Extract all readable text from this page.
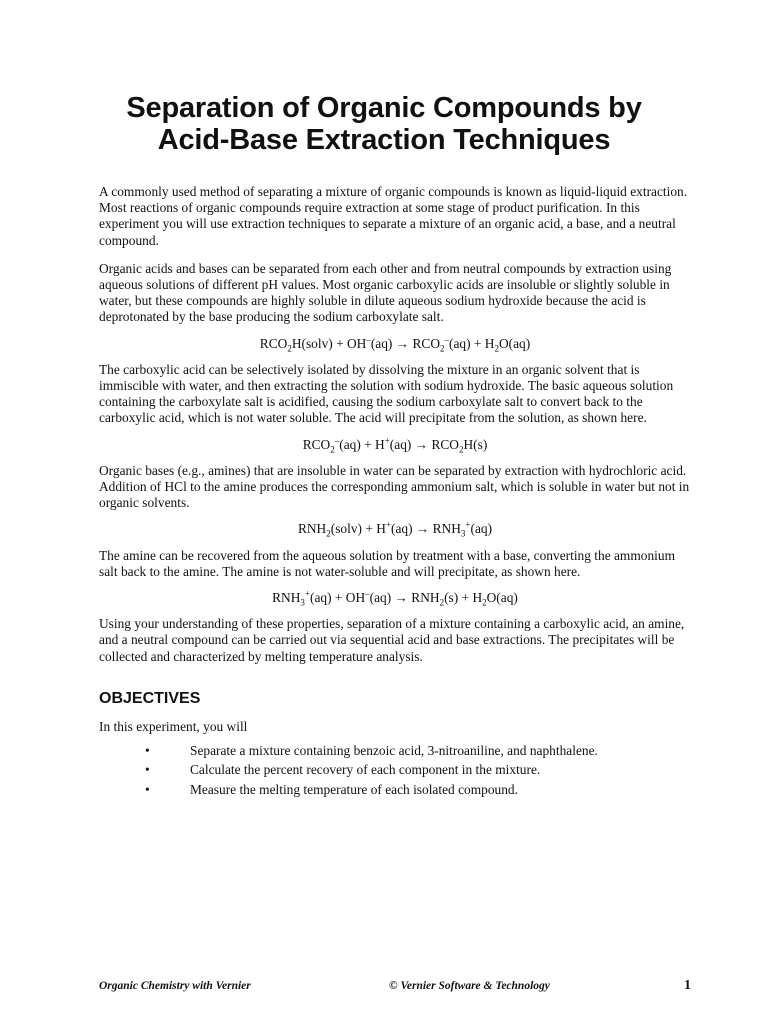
Separation of Organic Compounds by
Acid-Base Extraction Techniques

A commonly used method of separating a mixture of organic compounds is known as liquid-liquid extraction. Most reactions of organic compounds require extraction at some stage of product purification. In this experiment you will use extraction techniques to separate a mixture of an organic acid, a base, and a neutral compound.

Organic acids and bases can be separated from each other and from neutral compounds by extraction using aqueous solutions of different pH values. Most organic carboxylic acids are insoluble or slightly soluble in water, but these compounds are highly soluble in dilute aqueous sodium hydroxide because the acid is deprotonated by the base producing the sodium carboxylate salt.

$RCO_2H(solv) + OH^-(aq) \to RCO_2^-(aq) + H_2O(aq)$

The carboxylic acid can be selectively isolated by dissolving the mixture in an organic solvent that is immiscible with water, and then extracting the solution with sodium hydroxide. The basic aqueous solution containing the carboxylate salt is acidified, causing the sodium carboxylate salt to convert back to the carboxylic acid, which is not water soluble. The acid will precipitate from the solution, as shown here.

$RCO_2^-(aq) + H^+(aq) \to RCO_2H(s)$

Organic bases (e.g., amines) that are insoluble in water can be separated by extraction with hydrochloric acid. Addition of HCl to the amine produces the corresponding ammonium salt, which is soluble in water but not in organic solvents.

$RNH_2(solv) + H^+(aq) \to RNH_3^+(aq)$

The amine can be recovered from the aqueous solution by treatment with a base, converting the ammonium salt back to the amine. The amine is not water-soluble and will precipitate, as shown here.

$RNH_3^+(aq) + OH^-(aq) \to RNH_2(s) + H_2O(aq)$

Using your understanding of these properties, separation of a mixture containing a carboxylic acid, an amine, and a neutral compound can be carried out via sequential acid and base extractions. The precipitates will be collected and characterized by melting temperature analysis.

OBJECTIVES

In this experiment, you will

•	Separate a mixture containing benzoic acid, 3-nitroaniline, and naphthalene.
•	Calculate the percent recovery of each component in the mixture.
•	Measure the melting temperature of each isolated compound.
Organic Chemistry with Vernier	© Vernier Software & Technology	1
